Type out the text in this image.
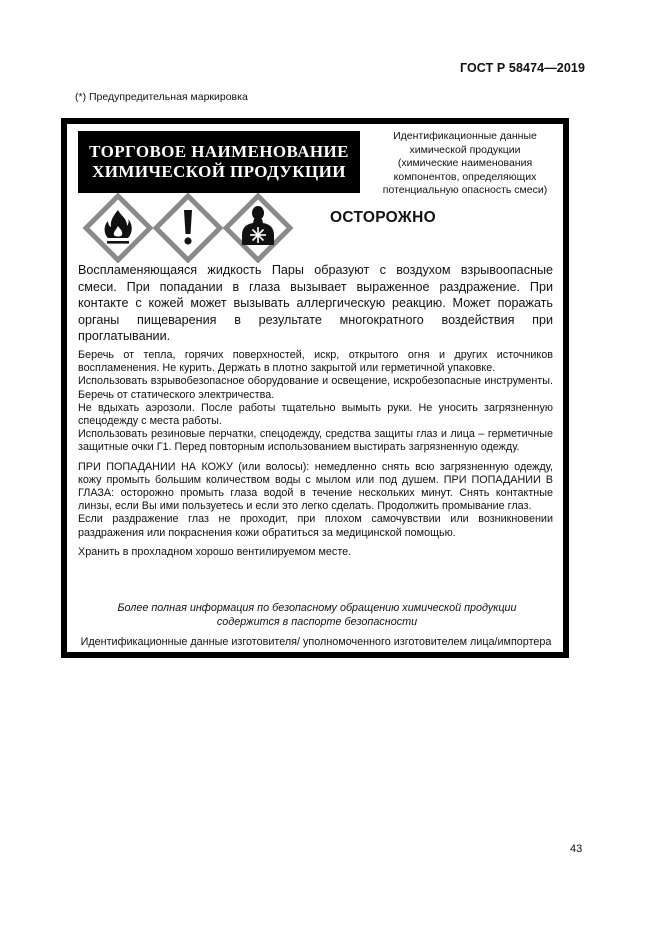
ГОСТ Р 58474—2019
(*) Предупредительная маркировка
ТОРГОВОЕ НАИМЕНОВАНИЕ
ХИМИЧЕСКОЙ ПРОДУКЦИИ
Идентификационные данные
химической продукции
(химические наименования
компонентов, определяющих
потенциальную опасность смеси)
ОСТОРОЖНО
Воспламеняющаяся жидкость Пары образуют с воздухом взрывоопасные смеси. При попадании в глаза вызывает выраженное раздражение. При контакте с кожей может вызывать аллергическую реакцию. Может поражать органы пищеварения в результате многократного воздействия при проглатывании.

Беречь от тепла, горячих поверхностей, искр, открытого огня и других источников воспламенения. Не курить. Держать в плотно закрытой или герметичной упаковке.

Использовать взрывобезопасное оборудование и освещение, искробезопасные инструменты. Беречь от статического электричества.

Не вдыхать аэрозоли. После работы тщательно вымыть руки. Не уносить загрязненную спецодежду с места работы.

Использовать резиновые перчатки, спецодежду, средства защиты глаз и лица – герметичные защитные очки Г1. Перед повторным использованием выстирать загрязненную одежду.

ПРИ ПОПАДАНИИ НА КОЖУ (или волосы): немедленно снять всю загрязненную одежду, кожу промыть большим количеством воды с мылом или под душем. ПРИ ПОПАДАНИИ В ГЛАЗА: осторожно промыть глаза водой в течение нескольких минут. Снять контактные линзы, если Вы ими пользуетесь и если это легко сделать. Продолжить промывание глаз.

Если раздражение глаз не проходит, при плохом самочувствии или возникновении раздражения или покраснения кожи обратиться за медицинской помощью.

Хранить в прохладном хорошо вентилируемом месте.

Более полная информация по безопасному обращению химической продукции содержится в паспорте безопасности
Идентификационные данные изготовителя/ уполномоченного изготовителем лица/импортера
43
